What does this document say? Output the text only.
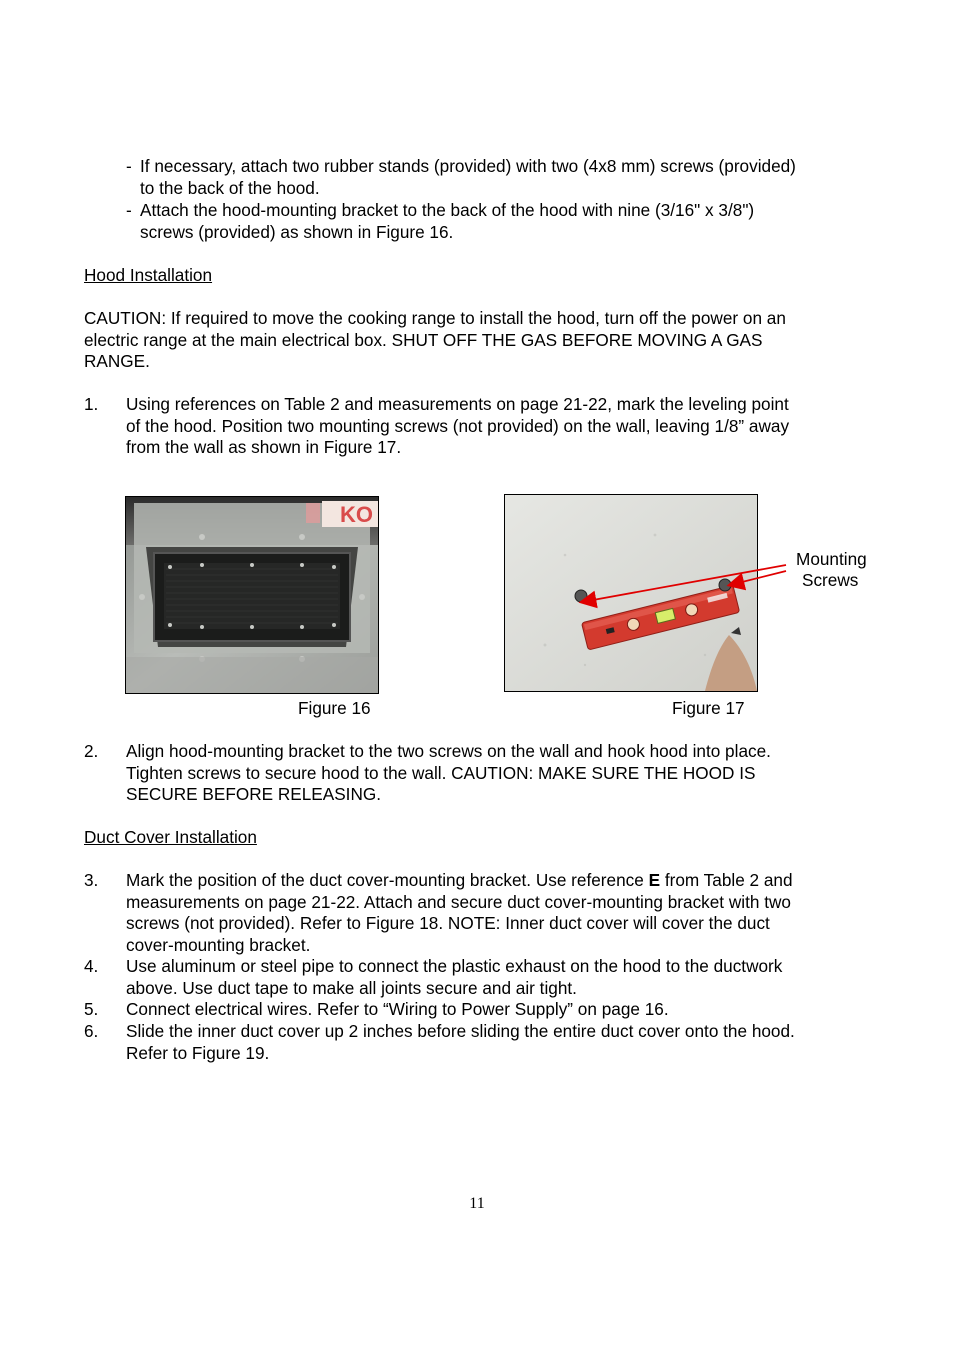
- If necessary, attach two rubber stands (provided) with two (4x8 mm) screws (provided)
to the back of the hood.
- Attach the hood-mounting bracket to the back of the hood with nine (3/16" x 3/8")
screws (provided) as shown in Figure 16.
Hood Installation
CAUTION: If required to move the cooking range to install the hood, turn off the power on an
electric range at the main electrical box. SHUT OFF THE GAS BEFORE MOVING A GAS
RANGE.
1. Using references on Table 2 and measurements on page 21-22, mark the leveling point
of the hood. Position two mounting screws (not provided) on the wall, leaving 1/8” away
from the wall as shown in Figure 17.
KO
Mounting
Screws
Figure 16	Figure 17
2. Align hood-mounting bracket to the two screws on the wall and hook hood into place.
Tighten screws to secure hood to the wall. CAUTION: MAKE SURE THE HOOD IS
SECURE BEFORE RELEASING.
Duct Cover Installation
3. Mark the position of the duct cover-mounting bracket. Use reference E from Table 2 and
measurements on page 21-22. Attach and secure duct cover-mounting bracket with two
screws (not provided). Refer to Figure 18. NOTE: Inner duct cover will cover the duct
cover-mounting bracket.
4. Use aluminum or steel pipe to connect the plastic exhaust on the hood to the ductwork
above. Use duct tape to make all joints secure and air tight.
5. Connect electrical wires. Refer to “Wiring to Power Supply” on page 16.
6. Slide the inner duct cover up 2 inches before sliding the entire duct cover onto the hood.
Refer to Figure 19.
11
